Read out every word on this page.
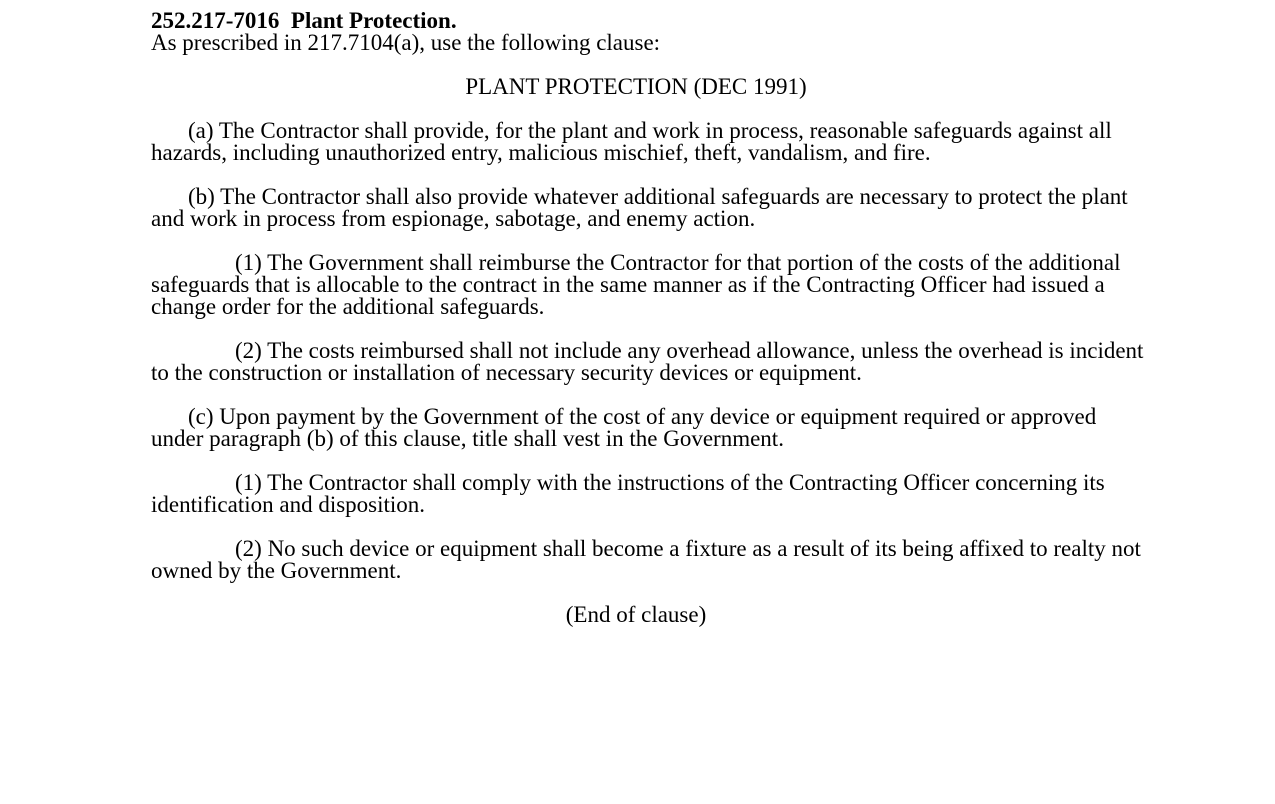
252.217-7016 Plant Protection.

As prescribed in 217.7104(a), use the following clause:

PLANT PROTECTION (DEC 1991)

(a) The Contractor shall provide, for the plant and work in process, reasonable safeguards against all hazards, including unauthorized entry, malicious mischief, theft, vandalism, and fire.

(b) The Contractor shall also provide whatever additional safeguards are necessary to protect the plant and work in process from espionage, sabotage, and enemy action.

(1) The Government shall reimburse the Contractor for that portion of the costs of the additional safeguards that is allocable to the contract in the same manner as if the Contracting Officer had issued a change order for the additional safeguards.

(2) The costs reimbursed shall not include any overhead allowance, unless the overhead is incident to the construction or installation of necessary security devices or equipment.

(c) Upon payment by the Government of the cost of any device or equipment required or approved under paragraph (b) of this clause, title shall vest in the Government.

(1) The Contractor shall comply with the instructions of the Contracting Officer concerning its identification and disposition.

(2) No such device or equipment shall become a fixture as a result of its being affixed to realty not owned by the Government.

(End of clause)
